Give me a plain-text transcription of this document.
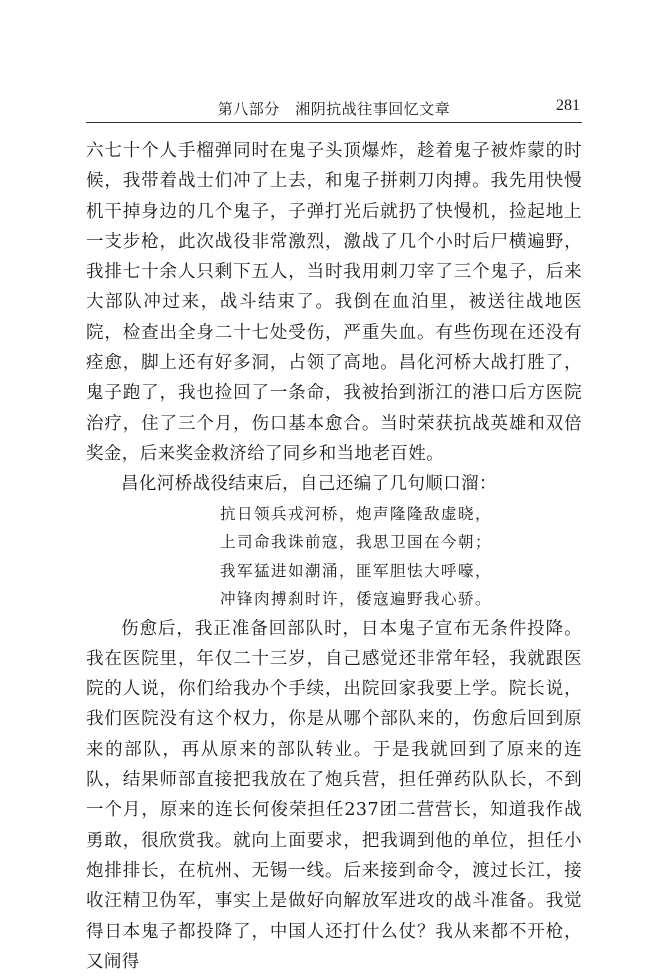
第八部分　湘阴抗战往事回忆文章	281

六七十个人手榴弹同时在鬼子头顶爆炸，趁着鬼子被炸蒙的时候，我带着战士们冲了上去，和鬼子拼刺刀肉搏。我先用快慢机干掉身边的几个鬼子，子弹打光后就扔了快慢机，捡起地上一支步枪，此次战役非常激烈，激战了几个小时后尸横遍野，我排七十余人只剩下五人，当时我用刺刀宰了三个鬼子，后来大部队冲过来，战斗结束了。我倒在血泊里，被送往战地医院，检查出全身二十七处受伤，严重失血。有些伤现在还没有痊愈，脚上还有好多洞，占领了高地。昌化河桥大战打胜了，鬼子跑了，我也捡回了一条命，我被抬到浙江的港口后方医院治疗，住了三个月，伤口基本愈合。当时荣获抗战英雄和双倍奖金，后来奖金救济给了同乡和当地老百姓。

昌化河桥战役结束后，自己还编了几句顺口溜：

抗日领兵戎河桥，炮声隆隆敌虚晓，
上司命我诛前寇，我思卫国在今朝；
我军猛进如潮涌，匪军胆怯大呼嚎，
冲锋肉搏刹时许，倭寇遍野我心骄。

伤愈后，我正准备回部队时，日本鬼子宣布无条件投降。我在医院里，年仅二十三岁，自己感觉还非常年轻，我就跟医院的人说，你们给我办个手续，出院回家我要上学。院长说，我们医院没有这个权力，你是从哪个部队来的，伤愈后回到原来的部队，再从原来的部队转业。于是我就回到了原来的连队，结果师部直接把我放在了炮兵营，担任弹药队队长，不到一个月，原来的连长何俊荣担任237团二营营长，知道我作战勇敢，很欣赏我。就向上面要求，把我调到他的单位，担任小炮排排长，在杭州、无锡一线。后来接到命令，渡过长江，接收汪精卫伪军，事实上是做好向解放军进攻的战斗准备。我觉得日本鬼子都投降了，中国人还打什么仗？我从来都不开枪，又闹得
